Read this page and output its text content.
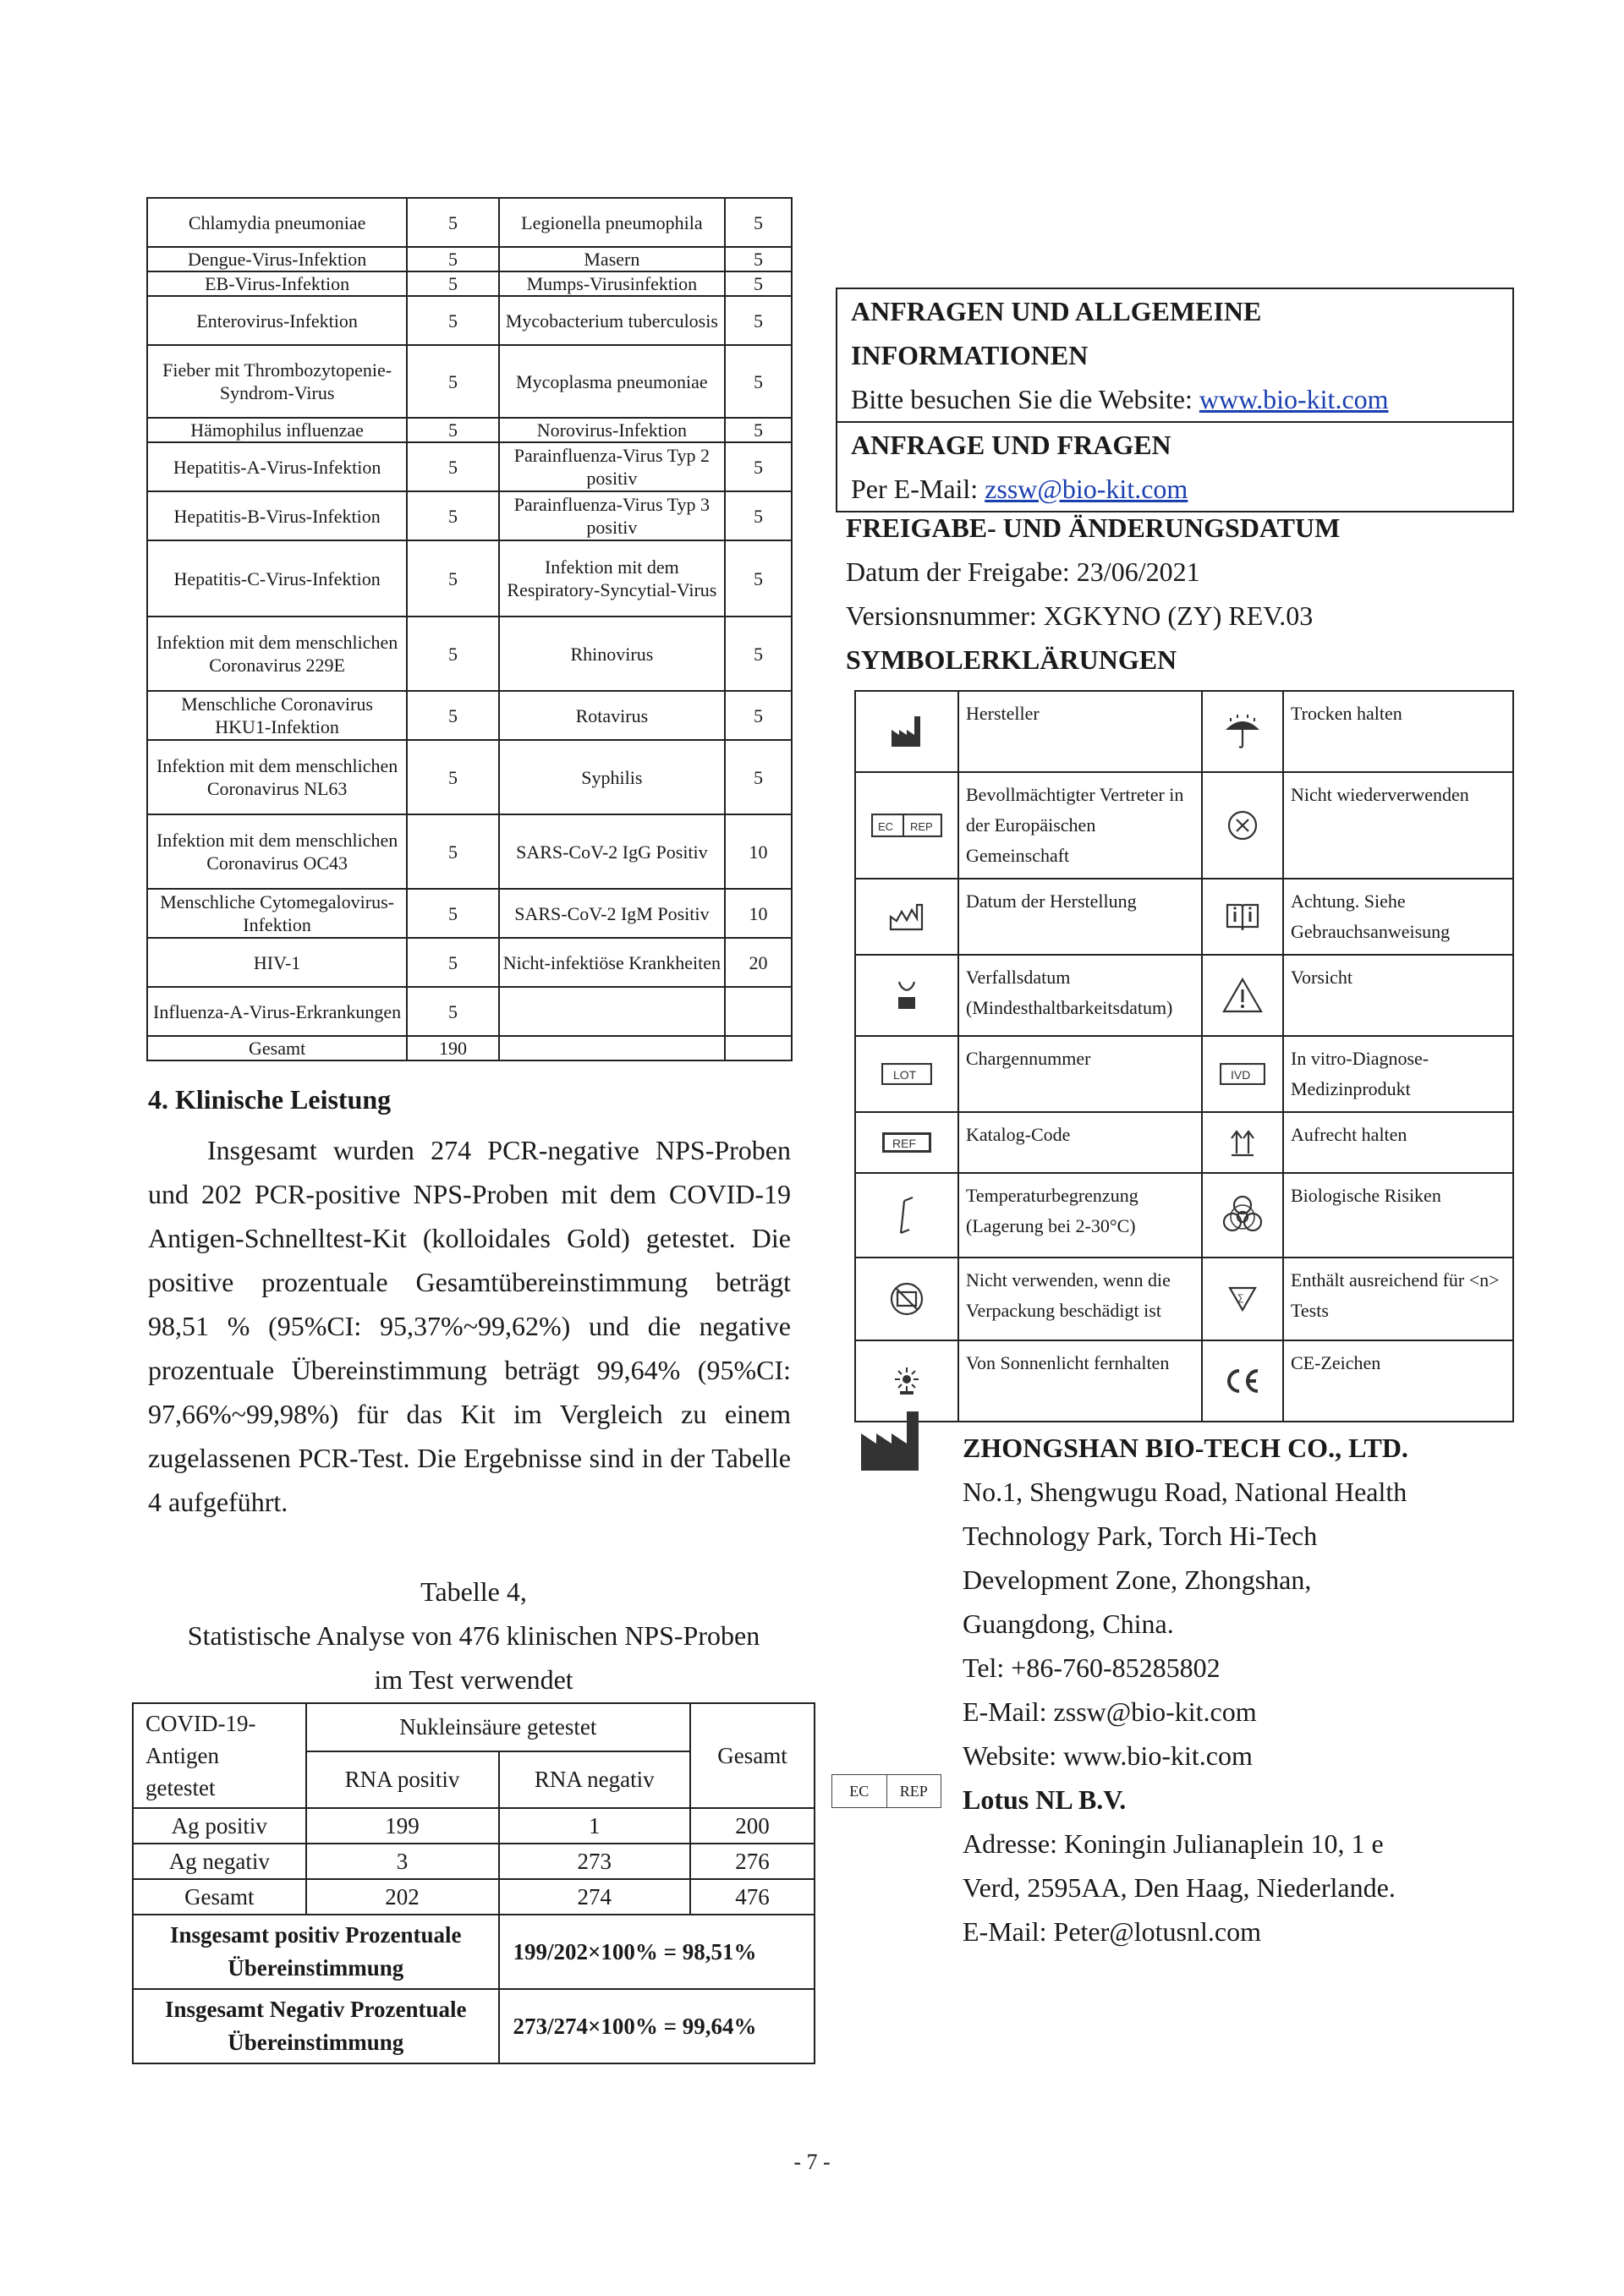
Chlamydia pneumoniae	5	Legionella pneumophila	5
Dengue-Virus-Infektion	5	Masern	5
EB-Virus-Infektion	5	Mumps-Virusinfektion	5
Enterovirus-Infektion	5	Mycobacterium tuberculosis	5
Fieber mit Thrombozytopenie-Syndrom-Virus	5	Mycoplasma pneumoniae	5
Hämophilus influenzae	5	Norovirus-Infektion	5
Hepatitis-A-Virus-Infektion	5	Parainfluenza-Virus Typ 2 positiv	5
Hepatitis-B-Virus-Infektion	5	Parainfluenza-Virus Typ 3 positiv	5
Hepatitis-C-Virus-Infektion	5	Infektion mit dem Respiratory-Syncytial-Virus	5
Infektion mit dem menschlichen Coronavirus 229E	5	Rhinovirus	5
Menschliche Coronavirus HKU1-Infektion	5	Rotavirus	5
Infektion mit dem menschlichen Coronavirus NL63	5	Syphilis	5
Infektion mit dem menschlichen Coronavirus OC43	5	SARS-CoV-2 IgG Positiv	10
Menschliche Cytomegalovirus-Infektion	5	SARS-CoV-2 IgM Positiv	10
HIV-1	5	Nicht-infektiöse Krankheiten	20
Influenza-A-Virus-Erkrankungen	5		
Gesamt	190		
4. Klinische Leistung

Insgesamt wurden 274 PCR-negative NPS-Proben und 202 PCR-positive NPS-Proben mit dem COVID-19 Antigen-Schnelltest-Kit (kolloidales Gold) getestet. Die positive prozentuale Gesamtübereinstimmung beträgt 98,51 % (95%CI: 95,37%~99,62%) und die negative prozentuale Übereinstimmung beträgt 99,64% (95%CI: 97,66%~99,98%) für das Kit im Vergleich zu einem zugelassenen PCR-Test. Die Ergebnisse sind in der Tabelle 4 aufgeführt.

Tabelle 4,
Statistische Analyse von 476 klinischen NPS-Proben
im Test verwendet
COVID-19-Antigen getestet	Nukleinsäure getestet		Gesamt
	RNA positiv	RNA negativ	
Ag positiv	199	1	200
Ag negativ	3	273	276
Gesamt	202	274	476
Insgesamt positiv Prozentuale Übereinstimmung		199/202×100% = 98,51%	
Insgesamt Negativ Prozentuale Übereinstimmung		273/274×100% = 99,64%	
ANFRAGEN UND ALLGEMEINE INFORMATIONEN
Bitte besuchen Sie die Website: www.bio-kit.com
ANFRAGE UND FRAGEN
Per E-Mail: zssw@bio-kit.com
FREIGABE- UND ÄNDERUNGSDATUM
Datum der Freigabe: 23/06/2021
Versionsnummer: XGKYNO (ZY) REV.03
SYMBOLERKLÄRUNGEN
	Hersteller		Trocken halten

EC REP	Bevollmächtigter Vertreter in der Europäischen Gemeinschaft		Nicht wiederverwenden

	Datum der Herstellung		Achtung. Siehe Gebrauchsanweisung

	Verfallsdatum (Mindesthaltbarkeitsdatum)		Vorsicht

LOT	Chargennummer	IVD	In vitro-Diagnose-Medizinprodukt

REF	Katalog-Code		Aufrecht halten

	Temperaturbegrenzung (Lagerung bei 2-30°C)		Biologische Risiken

	Nicht verwenden, wenn die Verpackung beschädigt ist	∑	Enthält ausreichend für <n> Tests

	Von Sonnenlicht fernhalten		CE-Zeichen
ZHONGSHAN BIO-TECH CO., LTD.
No.1, Shengwugu Road, National Health
Technology Park, Torch Hi-Tech
Development Zone, Zhongshan,
Guangdong, China.
Tel: +86-760-85285802
E-Mail: zssw@bio-kit.com
Website: www.bio-kit.com
Lotus NL B.V.
Adresse: Koningin Julianaplein 10, 1 e
Verd, 2595AA, Den Haag, Niederlande.
E-Mail: Peter@lotusnl.com
EC	REP
- 7 -
